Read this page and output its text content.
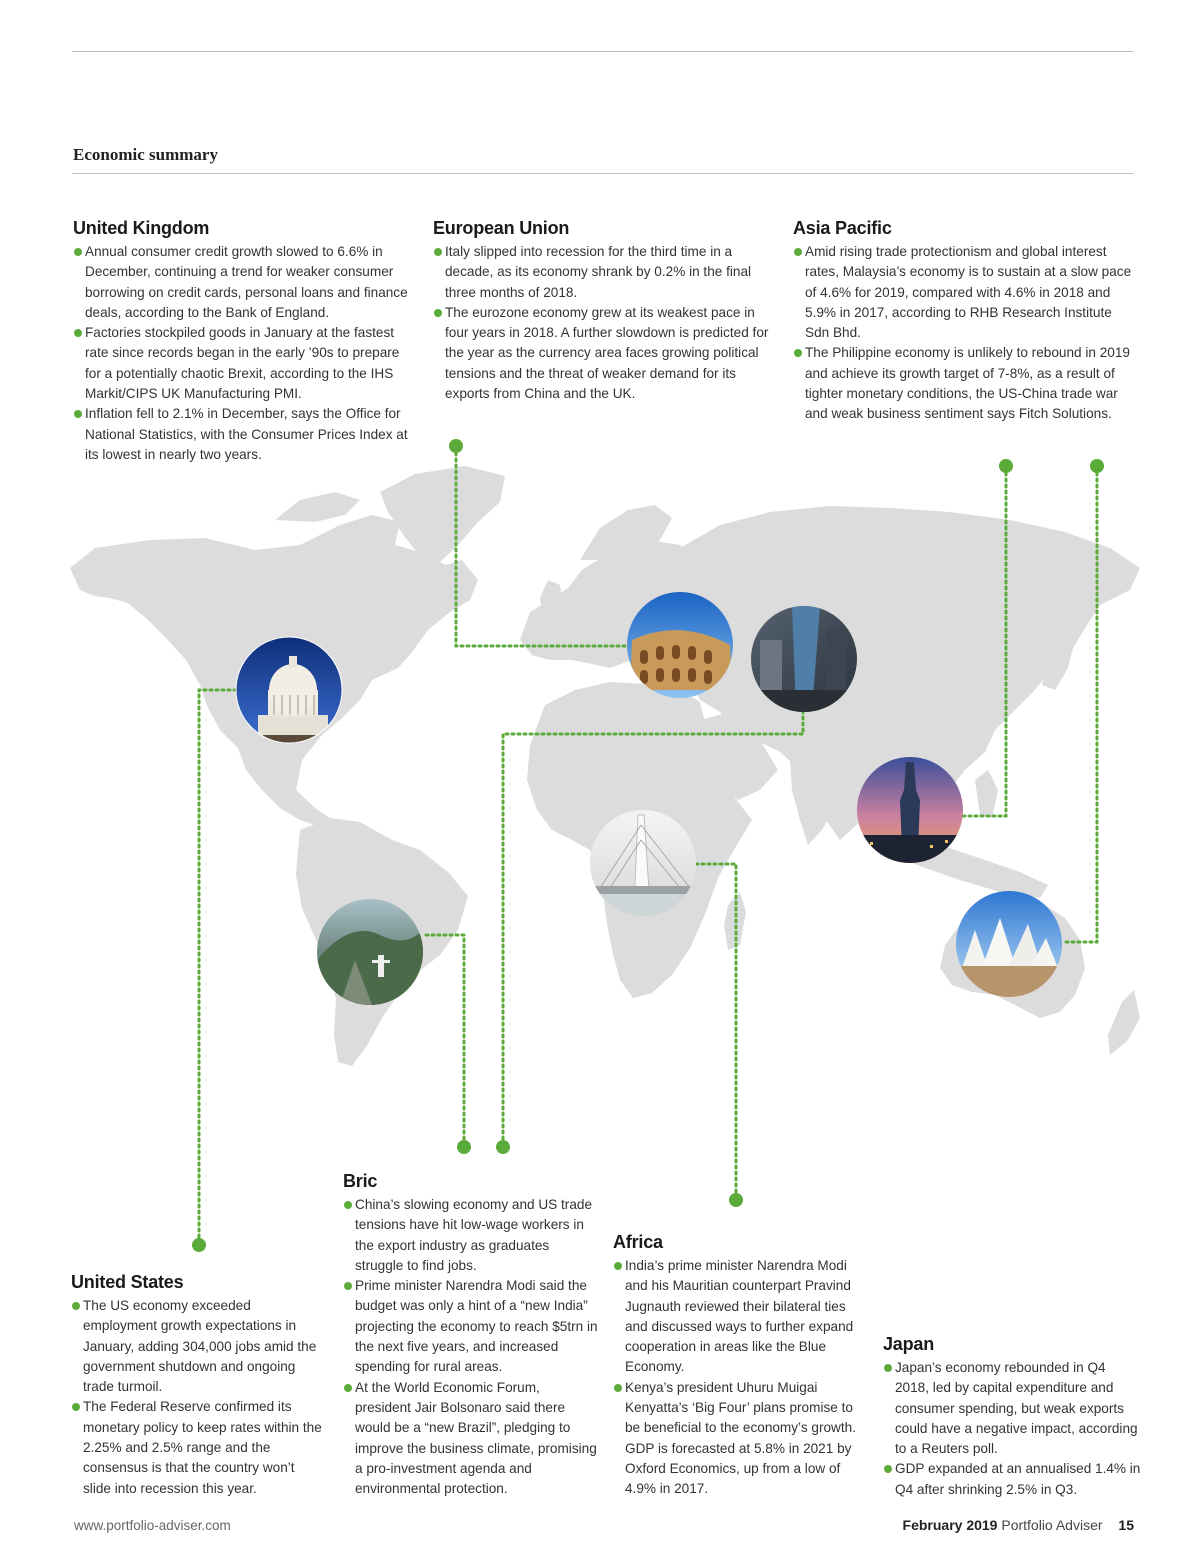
Economic summary
United Kingdom
Annual consumer credit growth slowed to 6.6% in December, continuing a trend for weaker consumer borrowing on credit cards, personal loans and finance deals, according to the Bank of England.
Factories stockpiled goods in January at the fastest rate since records began in the early ’90s to prepare for a potentially chaotic Brexit, according to the IHS Markit/CIPS UK Manufacturing PMI.
Inflation fell to 2.1% in December, says the Office for National Statistics, with the Consumer Prices Index at its lowest in nearly two years.
European Union
Italy slipped into recession for the third time in a decade, as its economy shrank by 0.2% in the final three months of 2018.
The eurozone economy grew at its weakest pace in four years in 2018. A further slowdown is predicted for the year as the currency area faces growing political tensions and the threat of weaker demand for its exports from China and the UK.
Asia Pacific
Amid rising trade protectionism and global interest rates, Malaysia’s economy is to sustain at a slow pace of 4.6% for 2019, compared with 4.6% in 2018 and 5.9% in 2017, according to RHB Research Institute Sdn Bhd.
The Philippine economy is unlikely to rebound in 2019 and achieve its growth target of 7-8%, as a result of tighter monetary conditions, the US-China trade war and weak business sentiment says Fitch Solutions.
United States
The US economy exceeded employment growth expectations in January, adding 304,000 jobs amid the government shutdown and ongoing trade turmoil.
The Federal Reserve confirmed its monetary policy to keep rates within the 2.25% and 2.5% range and the consensus is that the country won’t slide into recession this year.
Bric
China’s slowing economy and US trade tensions have hit low-wage workers in the export industry as graduates struggle to find jobs.
Prime minister Narendra Modi said the budget was only a hint of a “new India” projecting the economy to reach $5trn in the next five years, and increased spending for rural areas.
At the World Economic Forum, president Jair Bolsonaro said there would be a “new Brazil”, pledging to improve the business climate, promising a pro-investment agenda and environmental protection.
Africa
India’s prime minister Narendra Modi and his Mauritian counterpart Pravind Jugnauth reviewed their bilateral ties and discussed ways to further expand cooperation in areas like the Blue Economy.
Kenya’s president Uhuru Muigai Kenyatta’s ‘Big Four’ plans promise to be beneficial to the economy’s growth. GDP is forecasted at 5.8% in 2021 by Oxford Economics, up from a low of 4.9% in 2017.
Japan
Japan’s economy rebounded in Q4 2018, led by capital expenditure and consumer spending, but weak exports could have a negative impact, according to a Reuters poll.
GDP expanded at an annualised 1.4% in Q4 after shrinking 2.5% in Q3.
www.portfolio-adviser.com	February 2019 Portfolio Adviser 15
